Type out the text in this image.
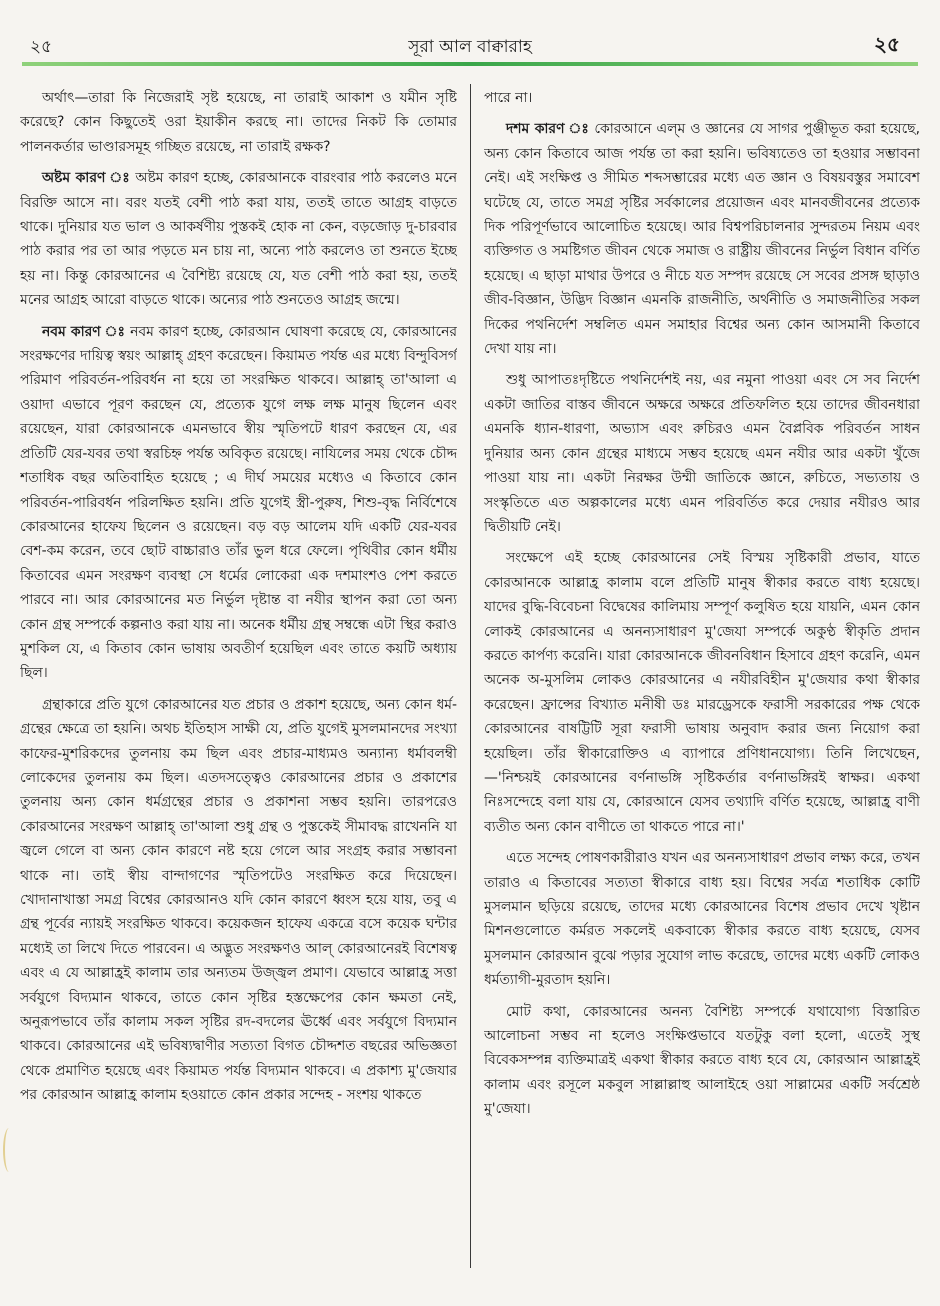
২৫	সূরা আল বাক্বারাহ	২৫

অর্থাৎ—তারা কি নিজেরাই সৃষ্ট হয়েছে, না তারাই আকাশ ও যমীন সৃষ্টি করেছে? কোন কিছুতেই ওরা ইয়াকীন করছে না। তাদের নিকট কি তোমার পালনকর্তার ভাণ্ডারসমূহ গচ্ছিত রয়েছে, না তারাই রক্ষক?

অষ্টম কারণ ঃ অষ্টম কারণ হচ্ছে, কোরআনকে বারংবার পাঠ করলেও মনে বিরক্তি আসে না। বরং যতই বেশী পাঠ করা যায়, ততই তাতে আগ্রহ বাড়তে থাকে। দুনিয়ার যত ভাল ও আকর্ষণীয় পুস্তকই হোক না কেন, বড়জোড় দু-চারবার পাঠ করার পর তা আর পড়তে মন চায় না, অন্যে পাঠ করলেও তা শুনতে ইচ্ছে হয় না। কিন্তু কোরআনের এ বৈশিষ্ট্য রয়েছে যে, যত বেশী পাঠ করা হয়, ততই মনের আগ্রহ আরো বাড়তে থাকে। অন্যের পাঠ শুনতেও আগ্রহ জন্মে।

নবম কারণ ঃ নবম কারণ হচ্ছে, কোরআন ঘোষণা করেছে যে, কোরআনের সংরক্ষণের দায়িত্ব স্বয়ং আল্লাহ্ গ্রহণ করেছেন। কিয়ামত পর্যন্ত এর মধ্যে বিন্দুবিসর্গ পরিমাণ পরিবর্তন-পরিবর্ধন না হয়ে তা সংরক্ষিত থাকবে। আল্লাহ্ তা'আলা এ ওয়াদা এভাবে পূরণ করছেন যে, প্রত্যেক যুগে লক্ষ লক্ষ মানুষ ছিলেন এবং রয়েছেন, যারা কোরআনকে এমনভাবে স্বীয় স্মৃতিপটে ধারণ করছেন যে, এর প্রতিটি যের-যবর তথা স্বরচিহ্ন পর্যন্ত অবিকৃত রয়েছে। নাযিলের সময় থেকে চৌদ্দ শতাধিক বছর অতিবাহিত হয়েছে ; এ দীর্ঘ সময়ের মধ্যেও এ কিতাবে কোন পরিবর্তন-পারিবর্ধন পরিলক্ষিত হয়নি। প্রতি যুগেই স্ত্রী-পুরুষ, শিশু-বৃদ্ধ নির্বিশেষে কোরআনের হাফেয ছিলেন ও রয়েছেন। বড় বড় আলেম যদি একটি যের-যবর বেশ-কম করেন, তবে ছোট বাচ্চারাও তাঁর ভুল ধরে ফেলে। পৃথিবীর কোন ধর্মীয় কিতাবের এমন সংরক্ষণ ব্যবস্থা সে ধর্মের লোকেরা এক দশমাংশও পেশ করতে পারবে না। আর কোরআনের মত নির্ভুল দৃষ্টান্ত বা নযীর স্থাপন করা তো অন্য কোন গ্রন্থ সম্পর্কে কল্পনাও করা যায় না। অনেক ধর্মীয় গ্রন্থ সম্বন্ধে এটা স্থির করাও মুশকিল যে, এ কিতাব কোন ভাষায় অবতীর্ণ হয়েছিল এবং তাতে কয়টি অধ্যায় ছিল।

গ্রন্থাকারে প্রতি যুগে কোরআনের যত প্রচার ও প্রকাশ হয়েছে, অন্য কোন ধর্ম-গ্রন্থের ক্ষেত্রে তা হয়নি। অথচ ইতিহাস সাক্ষী যে, প্রতি যুগেই মুসলমানদের সংখ্যা কাফের-মুশরিকদের তুলনায় কম ছিল এবং প্রচার-মাধ্যমও অন্যান্য ধর্মাবলম্বী লোকেদের তুলনায় কম ছিল। এতদসত্ত্বেও কোরআনের প্রচার ও প্রকাশের তুলনায় অন্য কোন ধর্মগ্রন্থের প্রচার ও প্রকাশনা সম্ভব হয়নি। তারপরেও কোরআনের সংরক্ষণ আল্লাহ্ তা'আলা শুধু গ্রন্থ ও পুস্তকেই সীমাবদ্ধ রাখেননি যা জ্বলে গেলে বা অন্য কোন কারণে নষ্ট হয়ে গেলে আর সংগ্রহ করার সম্ভাবনা থাকে না। তাই স্বীয় বান্দাগণের স্মৃতিপটেও সংরক্ষিত করে দিয়েছেন। খোদানাখাস্তা সমগ্র বিশ্বের কোরআনও যদি কোন কারণে ধ্বংস হয়ে যায়, তবু এ গ্রন্থ পূর্বের ন্যায়ই সংরক্ষিত থাকবে। কয়েকজন হাফেয একত্রে বসে কয়েক ঘন্টার মধ্যেই তা লিখে দিতে পারবেন। এ অদ্ভুত সংরক্ষণও আল্ কোরআনেরই বিশেষত্ব এবং এ যে আল্লাহ্রই কালাম তার অন্যতম উজ্জ্বল প্রমাণ। যেভাবে আল্লাহ্র সত্তা সর্বযুগে বিদ্যমান থাকবে, তাতে কোন সৃষ্টির হস্তক্ষেপের কোন ক্ষমতা নেই, অনুরূপভাবে তাঁর কালাম সকল সৃষ্টির রদ-বদলের ঊর্ধ্বে এবং সর্বযুগে বিদ্যমান থাকবে। কোরআনের এই ভবিষ্যদ্বাণীর সত্যতা বিগত চৌদ্দশত বছরের অভিজ্ঞতা থেকে প্রমাণিত হয়েছে এবং কিয়ামত পর্যন্ত বিদ্যমান থাকবে। এ প্রকাশ্য মু'জেযার পর কোরআন আল্লাহ্র কালাম হওয়াতে কোন প্রকার সন্দেহ - সংশয় থাকতে

পারে না।

দশম কারণ ঃ কোরআনে এল্‌ম ও জ্ঞানের যে সাগর পুঞ্জীভূত করা হয়েছে, অন্য কোন কিতাবে আজ পর্যন্ত তা করা হয়নি। ভবিষ্যতেও তা হওয়ার সম্ভাবনা নেই। এই সংক্ষিপ্ত ও সীমিত শব্দসম্ভারের মধ্যে এত জ্ঞান ও বিষয়বস্তুর সমাবেশ ঘটেছে যে, তাতে সমগ্র সৃষ্টির সর্বকালের প্রয়োজন এবং মানবজীবনের প্রত্যেক দিক পরিপূর্ণভাবে আলোচিত হয়েছে। আর বিশ্বপরিচালনার সুন্দরতম নিয়ম এবং ব্যক্তিগত ও সমষ্টিগত জীবন থেকে সমাজ ও রাষ্ট্রীয় জীবনের নির্ভুল বিধান বর্ণিত হয়েছে। এ ছাড়া মাথার উপরে ও নীচে যত সম্পদ রয়েছে সে সবের প্রসঙ্গ ছাড়াও জীব-বিজ্ঞান, উদ্ভিদ বিজ্ঞান এমনকি রাজনীতি, অর্থনীতি ও সমাজনীতির সকল দিকের পথনির্দেশ সম্বলিত এমন সমাহার বিশ্বের অন্য কোন আসমানী কিতাবে দেখা যায় না।

শুধু আপাতঃদৃষ্টিতে পথনির্দেশই নয়, এর নমুনা পাওয়া এবং সে সব নির্দেশ একটা জাতির বাস্তব জীবনে অক্ষরে অক্ষরে প্রতিফলিত হয়ে তাদের জীবনধারা এমনকি ধ্যান-ধারণা, অভ্যাস এবং রুচিরও এমন বৈপ্লবিক পরিবর্তন সাধন দুনিয়ার অন্য কোন গ্রন্থের মাধ্যমে সম্ভব হয়েছে এমন নযীর আর একটা খুঁজে পাওয়া যায় না। একটা নিরক্ষর উম্মী জাতিকে জ্ঞানে, রুচিতে, সভ্যতায় ও সংস্কৃতিতে এত অল্পকালের মধ্যে এমন পরিবর্তিত করে দেয়ার নযীরও আর দ্বিতীয়টি নেই।

সংক্ষেপে এই হচ্ছে কোরআনের সেই বিস্ময় সৃষ্টিকারী প্রভাব, যাতে কোরআনকে আল্লাহ্র কালাম বলে প্রতিটি মানুষ স্বীকার করতে বাধ্য হয়েছে। যাদের বুদ্ধি-বিবেচনা বিদ্বেষের কালিমায় সম্পূর্ণ কলুষিত হয়ে যায়নি, এমন কোন লোকই কোরআনের এ অনন্যসাধারণ মু'জেযা সম্পর্কে অকুণ্ঠ স্বীকৃতি প্রদান করতে কার্পণ্য করেনি। যারা কোরআনকে জীবনবিধান হিসাবে গ্রহণ করেনি, এমন অনেক অ-মুসলিম লোকও কোরআনের এ নযীরবিহীন মু'জেযার কথা স্বীকার করেছেন। ফ্রান্সের বিখ্যাত মনীষী ডঃ মারড্রেসকে ফরাসী সরকারের পক্ষ থেকে কোরআনের বাষট্টিটি সূরা ফরাসী ভাষায় অনুবাদ করার জন্য নিয়োগ করা হয়েছিল। তাঁর স্বীকারোক্তিও এ ব্যাপারে প্রণিধানযোগ্য। তিনি লিখেছেন,—'নিশ্চয়ই কোরআনের বর্ণনাভঙ্গি সৃষ্টিকর্তার বর্ণনাভঙ্গিরই স্বাক্ষর। একথা নিঃসন্দেহে বলা যায় যে, কোরআনে যেসব তথ্যাদি বর্ণিত হয়েছে, আল্লাহ্র বাণী ব্যতীত অন্য কোন বাণীতে তা থাকতে পারে না।'

এতে সন্দেহ পোষণকারীরাও যখন এর অনন্যসাধারণ প্রভাব লক্ষ্য করে, তখন তারাও এ কিতাবের সত্যতা স্বীকারে বাধ্য হয়। বিশ্বের সর্বত্র শতাধিক কোটি মুসলমান ছড়িয়ে রয়েছে, তাদের মধ্যে কোরআনের বিশেষ প্রভাব দেখে খৃষ্টান মিশনগুলোতে কর্মরত সকলেই একবাক্যে স্বীকার করতে বাধ্য হয়েছে, যেসব মুসলমান কোরআন বুঝে পড়ার সুযোগ লাভ করেছে, তাদের মধ্যে একটি লোকও ধর্মত্যাগী-মুরতাদ হয়নি।

মোট কথা, কোরআনের অনন্য বৈশিষ্ট্য সম্পর্কে যথাযোগ্য বিস্তারিত আলোচনা সম্ভব না হলেও সংক্ষিপ্তভাবে যতটুকু বলা হলো, এতেই সুস্থ বিবেকসম্পন্ন ব্যক্তিমাত্রই একথা স্বীকার করতে বাধ্য হবে যে, কোরআন আল্লাহ্রই কালাম এবং রসূলে মকবুল সাল্লাল্লাহু আলাইহে ওয়া সাল্লামের একটি সর্বশ্রেষ্ঠ মু'জেযা।
